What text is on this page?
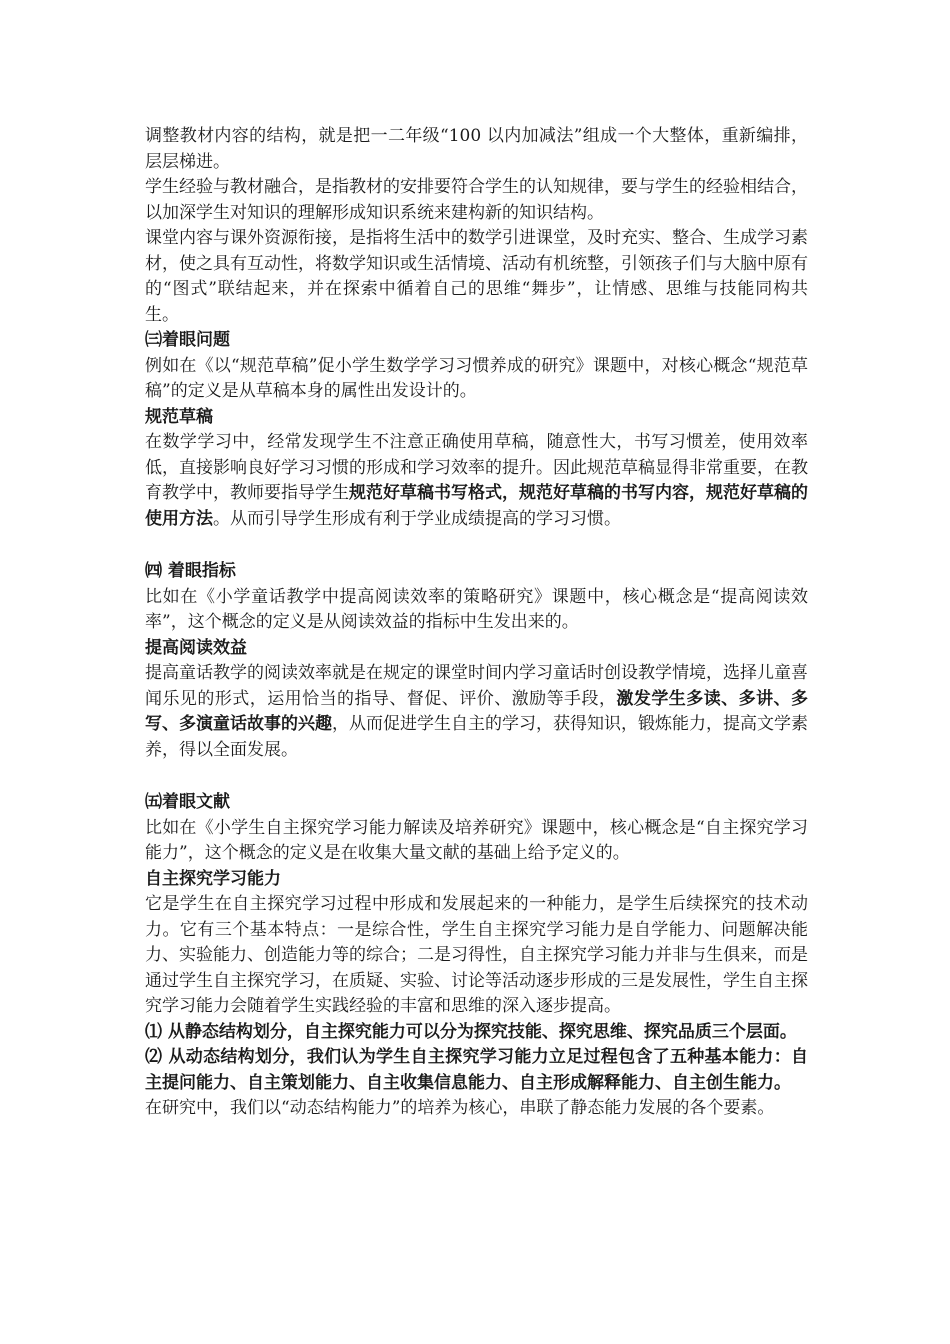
调整教材内容的结构，就是把一二年级“100 以内加减法”组成一个大整体，重新编排，层层梯进。

学生经验与教材融合，是指教材的安排要符合学生的认知规律，要与学生的经验相结合，以加深学生对知识的理解形成知识系统来建构新的知识结构。

课堂内容与课外资源衔接，是指将生活中的数学引进课堂，及时充实、整合、生成学习素材，使之具有互动性，将数学知识或生活情境、活动有机统整，引领孩子们与大脑中原有的“图式”联结起来，并在探索中循着自己的思维“舞步”，让情感、思维与技能同构共生。

㈢着眼问题

例如在《以“规范草稿”促小学生数学学习习惯养成的研究》课题中，对核心概念“规范草稿”的定义是从草稿本身的属性出发设计的。

规范草稿

在数学学习中，经常发现学生不注意正确使用草稿，随意性大，书写习惯差，使用效率低，直接影响良好学习习惯的形成和学习效率的提升。因此规范草稿显得非常重要，在教育教学中，教师要指导学生规范好草稿书写格式，规范好草稿的书写内容，规范好草稿的使用方法。从而引导学生形成有利于学业成绩提高的学习习惯。

㈣ 着眼指标

比如在《小学童话教学中提高阅读效率的策略研究》课题中，核心概念是“提高阅读效率”，这个概念的定义是从阅读效益的指标中生发出来的。

提高阅读效益

提高童话教学的阅读效率就是在规定的课堂时间内学习童话时创设教学情境，选择儿童喜闻乐见的形式，运用恰当的指导、督促、评价、激励等手段，激发学生多读、多讲、多写、多演童话故事的兴趣，从而促进学生自主的学习，获得知识，锻炼能力，提高文学素养，得以全面发展。

㈤着眼文献

比如在《小学生自主探究学习能力解读及培养研究》课题中，核心概念是“自主探究学习能力”，这个概念的定义是在收集大量文献的基础上给予定义的。

自主探究学习能力

它是学生在自主探究学习过程中形成和发展起来的一种能力，是学生后续探究的技术动力。它有三个基本特点：一是综合性，学生自主探究学习能力是自学能力、问题解决能力、实验能力、创造能力等的综合；二是习得性，自主探究学习能力并非与生俱来，而是通过学生自主探究学习，在质疑、实验、讨论等活动逐步形成的三是发展性，学生自主探究学习能力会随着学生实践经验的丰富和思维的深入逐步提高。

⑴ 从静态结构划分，自主探究能力可以分为探究技能、探究思维、探究品质三个层面。

⑵ 从动态结构划分，我们认为学生自主探究学习能力立足过程包含了五种基本能力：自主提问能力、自主策划能力、自主收集信息能力、自主形成解释能力、自主创生能力。

在研究中，我们以“动态结构能力”的培养为核心，串联了静态能力发展的各个要素。
